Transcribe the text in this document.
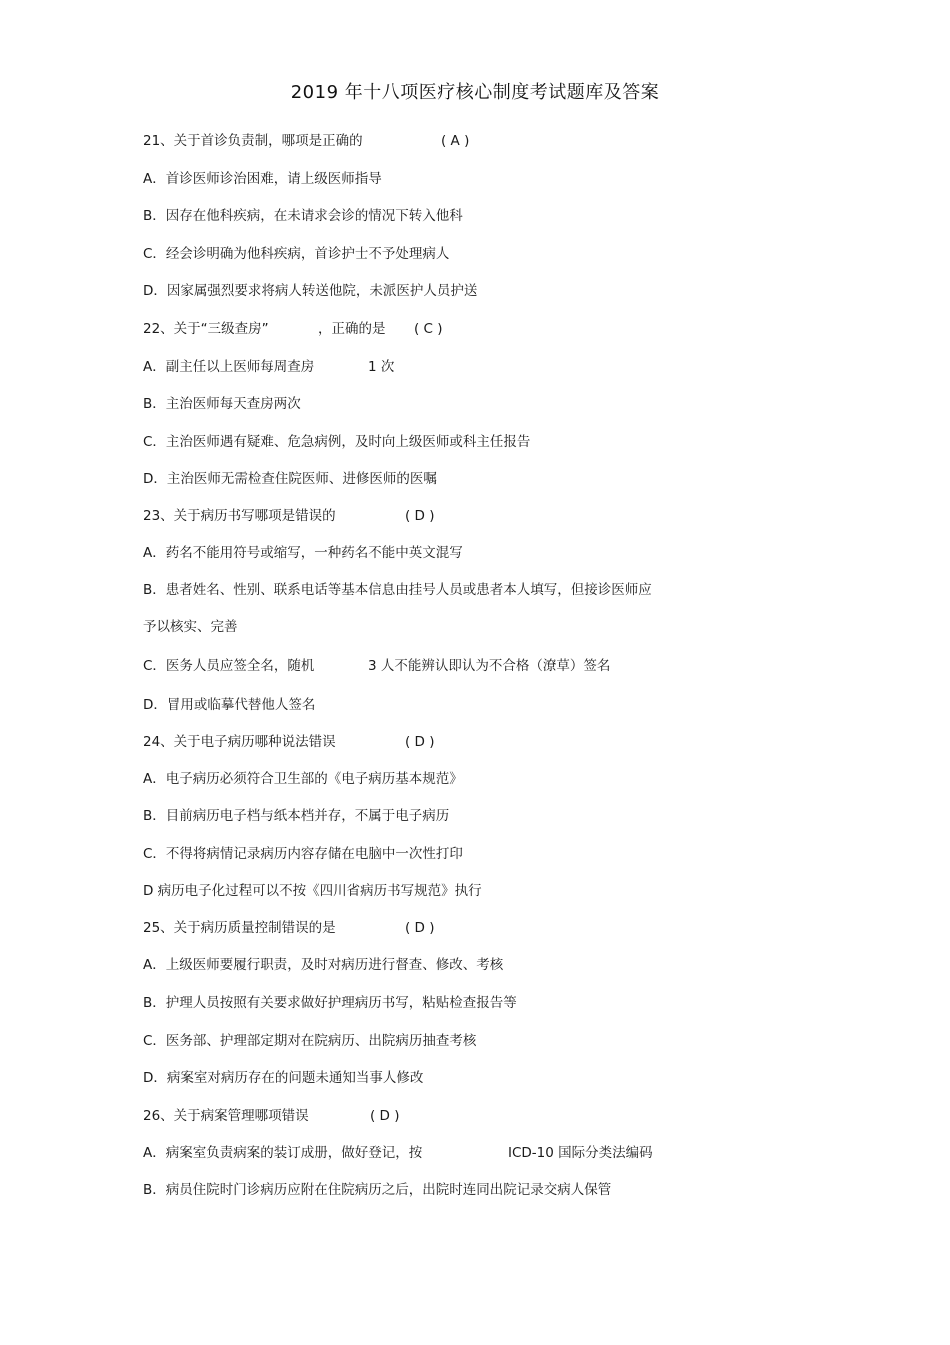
2019 年十八项医疗核心制度考试题库及答案
21、关于首诊负责制，哪项是正确的	( A )
A．首诊医师诊治困难，请上级医师指导
B．因存在他科疾病，在未请求会诊的情况下转入他科
C．经会诊明确为他科疾病，首诊护士不予处理病人
D．因家属强烈要求将病人转送他院，未派医护人员护送
22、关于“三级查房”	，正确的是 ( C )
A．副主任以上医师每周查房	1 次
B．主治医师每天查房两次
C．主治医师遇有疑难、危急病例，及时向上级医师或科主任报告
D．主治医师无需检查住院医师、进修医师的医嘱
23、关于病历书写哪项是错误的	( D )
A．药名不能用符号或缩写，一种药名不能中英文混写
B．患者姓名、性别、联系电话等基本信息由挂号人员或患者本人填写，但接诊医师应
予以核实、完善
C．医务人员应签全名，随机	3 人不能辨认即认为不合格（潦草）签名
D．冒用或临摹代替他人签名
24、关于电子病历哪种说法错误	( D )
A．电子病历必须符合卫生部的《电子病历基本规范》
B．目前病历电子档与纸本档并存，不属于电子病历
C．不得将病情记录病历内容存储在电脑中一次性打印
D 病历电子化过程可以不按《四川省病历书写规范》执行
25、关于病历质量控制错误的是	( D )
A．上级医师要履行职责，及时对病历进行督查、修改、考核
B．护理人员按照有关要求做好护理病历书写，粘贴检查报告等
C．医务部、护理部定期对在院病历、出院病历抽查考核
D．病案室对病历存在的问题未通知当事人修改
26、关于病案管理哪项错误	( D )
A．病案室负责病案的装订成册，做好登记，按	ICD-10 国际分类法编码
B．病员住院时门诊病历应附在住院病历之后，出院时连同出院记录交病人保管
